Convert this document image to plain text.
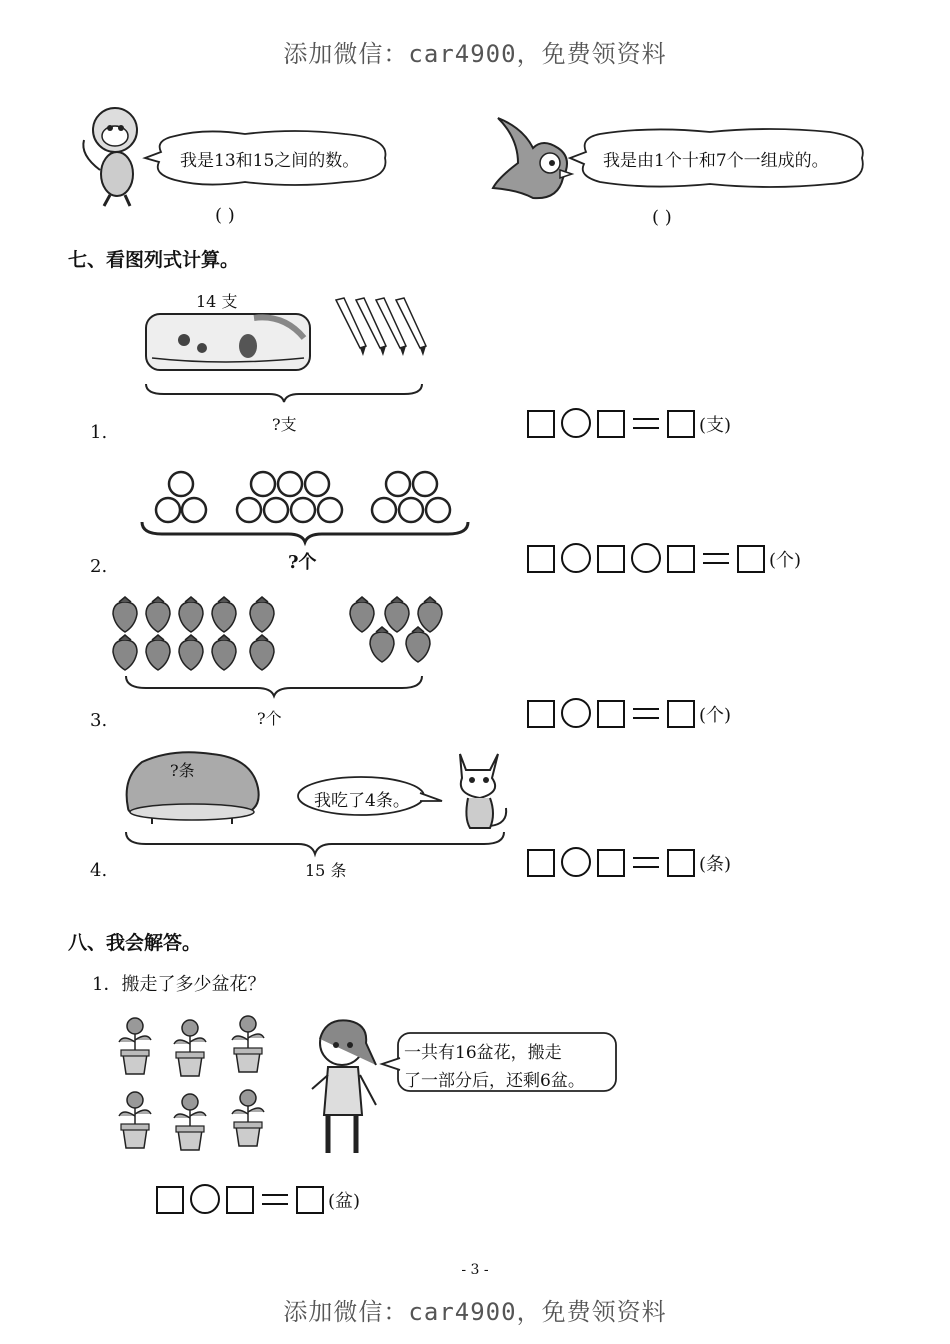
添加微信：car4900，免费领资料
我是13和15之间的数。
( )
我是由1个十和7个一组成的。
( )
七、看图列式计算。
14 支
?支
1.	(支)
?个
2.	(个)
?个
3.	(个)
?条
我吃了4条。
15 条
4.	(条)
八、我会解答。
1．搬走了多少盆花？
一共有16盆花，搬走
了一部分后，还剩6盆。
(盆)
- 3 -
添加微信：car4900，免费领资料
